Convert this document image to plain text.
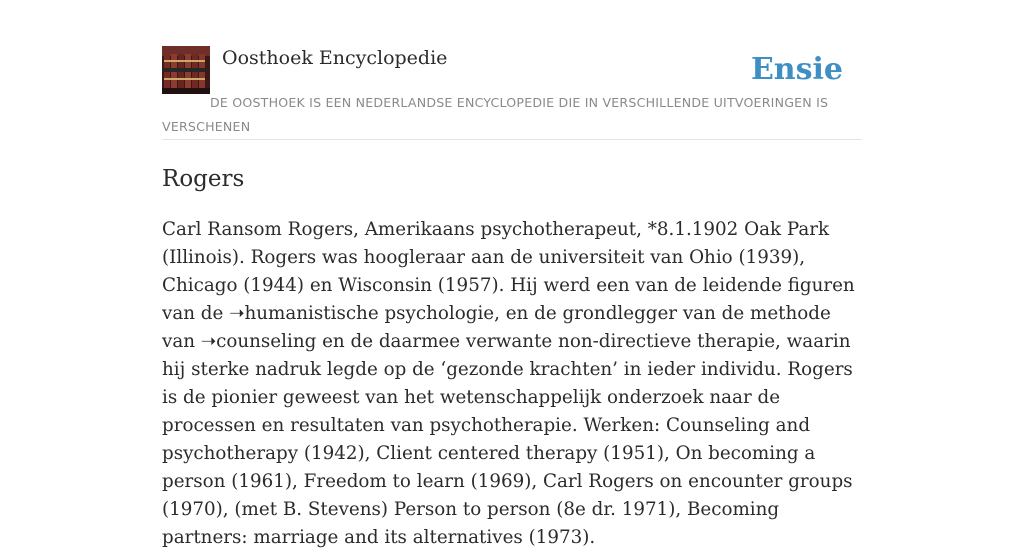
Oosthoek Encyclopedie	Ensie
DE OOSTHOEK IS EEN NEDERLANDSE ENCYCLOPEDIE DIE IN VERSCHILLENDE UITVOERINGEN IS VERSCHENEN
Rogers

Carl Ransom Rogers, Amerikaans psychotherapeut, *8.1.1902 Oak Park (Illinois). Rogers was hoogleraar aan de universiteit van Ohio (1939), Chicago (1944) en Wisconsin (1957). Hij werd een van de leidende figuren van de ➝humanistische psychologie, en de grondlegger van de methode van ➝counseling en de daarmee verwante non-directieve therapie, waarin hij sterke nadruk legde op de ‘gezonde krachten’ in ieder individu. Rogers is de pionier geweest van het wetenschappelijk onderzoek naar de processen en resultaten van psychotherapie. Werken: Counseling and psychotherapy (1942), Client centered therapy (1951), On becoming a person (1961), Freedom to learn (1969), Carl Rogers on encounter groups (1970), (met B. Stevens) Person to person (8e dr. 1971), Becoming partners: marriage and its alternatives (1973).
